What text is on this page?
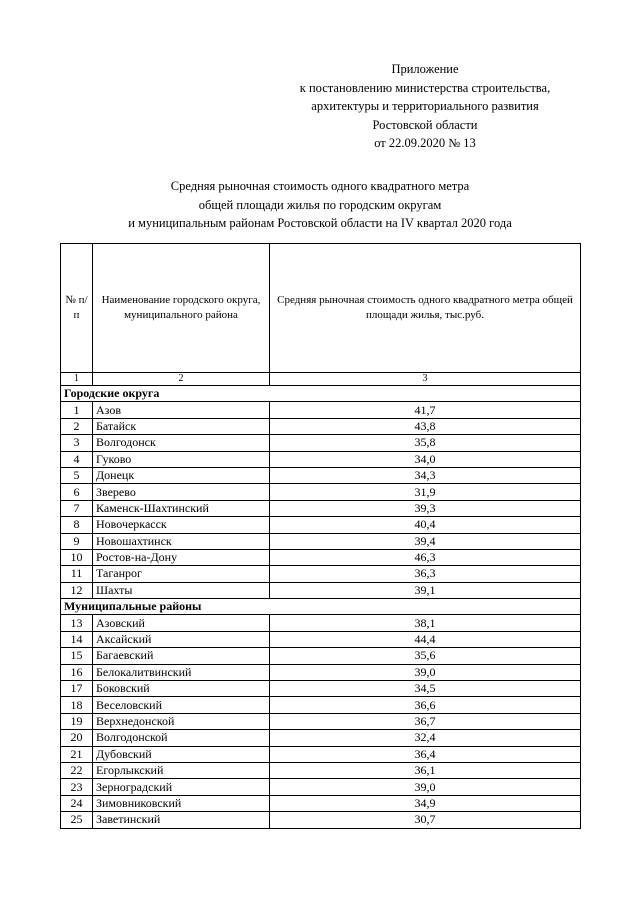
Приложение
к постановлению министерства строительства,
архитектуры и территориального развития
Ростовской области
от 22.09.2020 № 13
Средняя рыночная стоимость одного квадратного метра
общей площади жилья по городским округам
и муниципальным районам Ростовской области на IV квартал 2020 года
№ п/п	Наименование городского округа, муниципального района	Средняя рыночная стоимость одного квадратного метра общей площади жилья, тыс.руб.
1	2	3
Городские округа		
1	Азов	41,7
2	Батайск	43,8
3	Волгодонск	35,8
4	Гуково	34,0
5	Донецк	34,3
6	Зверево	31,9
7	Каменск-Шахтинский	39,3
8	Новочеркасск	40,4
9	Новошахтинск	39,4
10	Ростов-на-Дону	46,3
11	Таганрог	36,3
12	Шахты	39,1
Муниципальные районы		
13	Азовский	38,1
14	Аксайский	44,4
15	Багаевский	35,6
16	Белокалитвинский	39,0
17	Боковский	34,5
18	Веселовский	36,6
19	Верхнедонской	36,7
20	Волгодонской	32,4
21	Дубовский	36,4
22	Егорлыкский	36,1
23	Зерноградский	39,0
24	Зимовниковский	34,9
25	Заветинский	30,7
